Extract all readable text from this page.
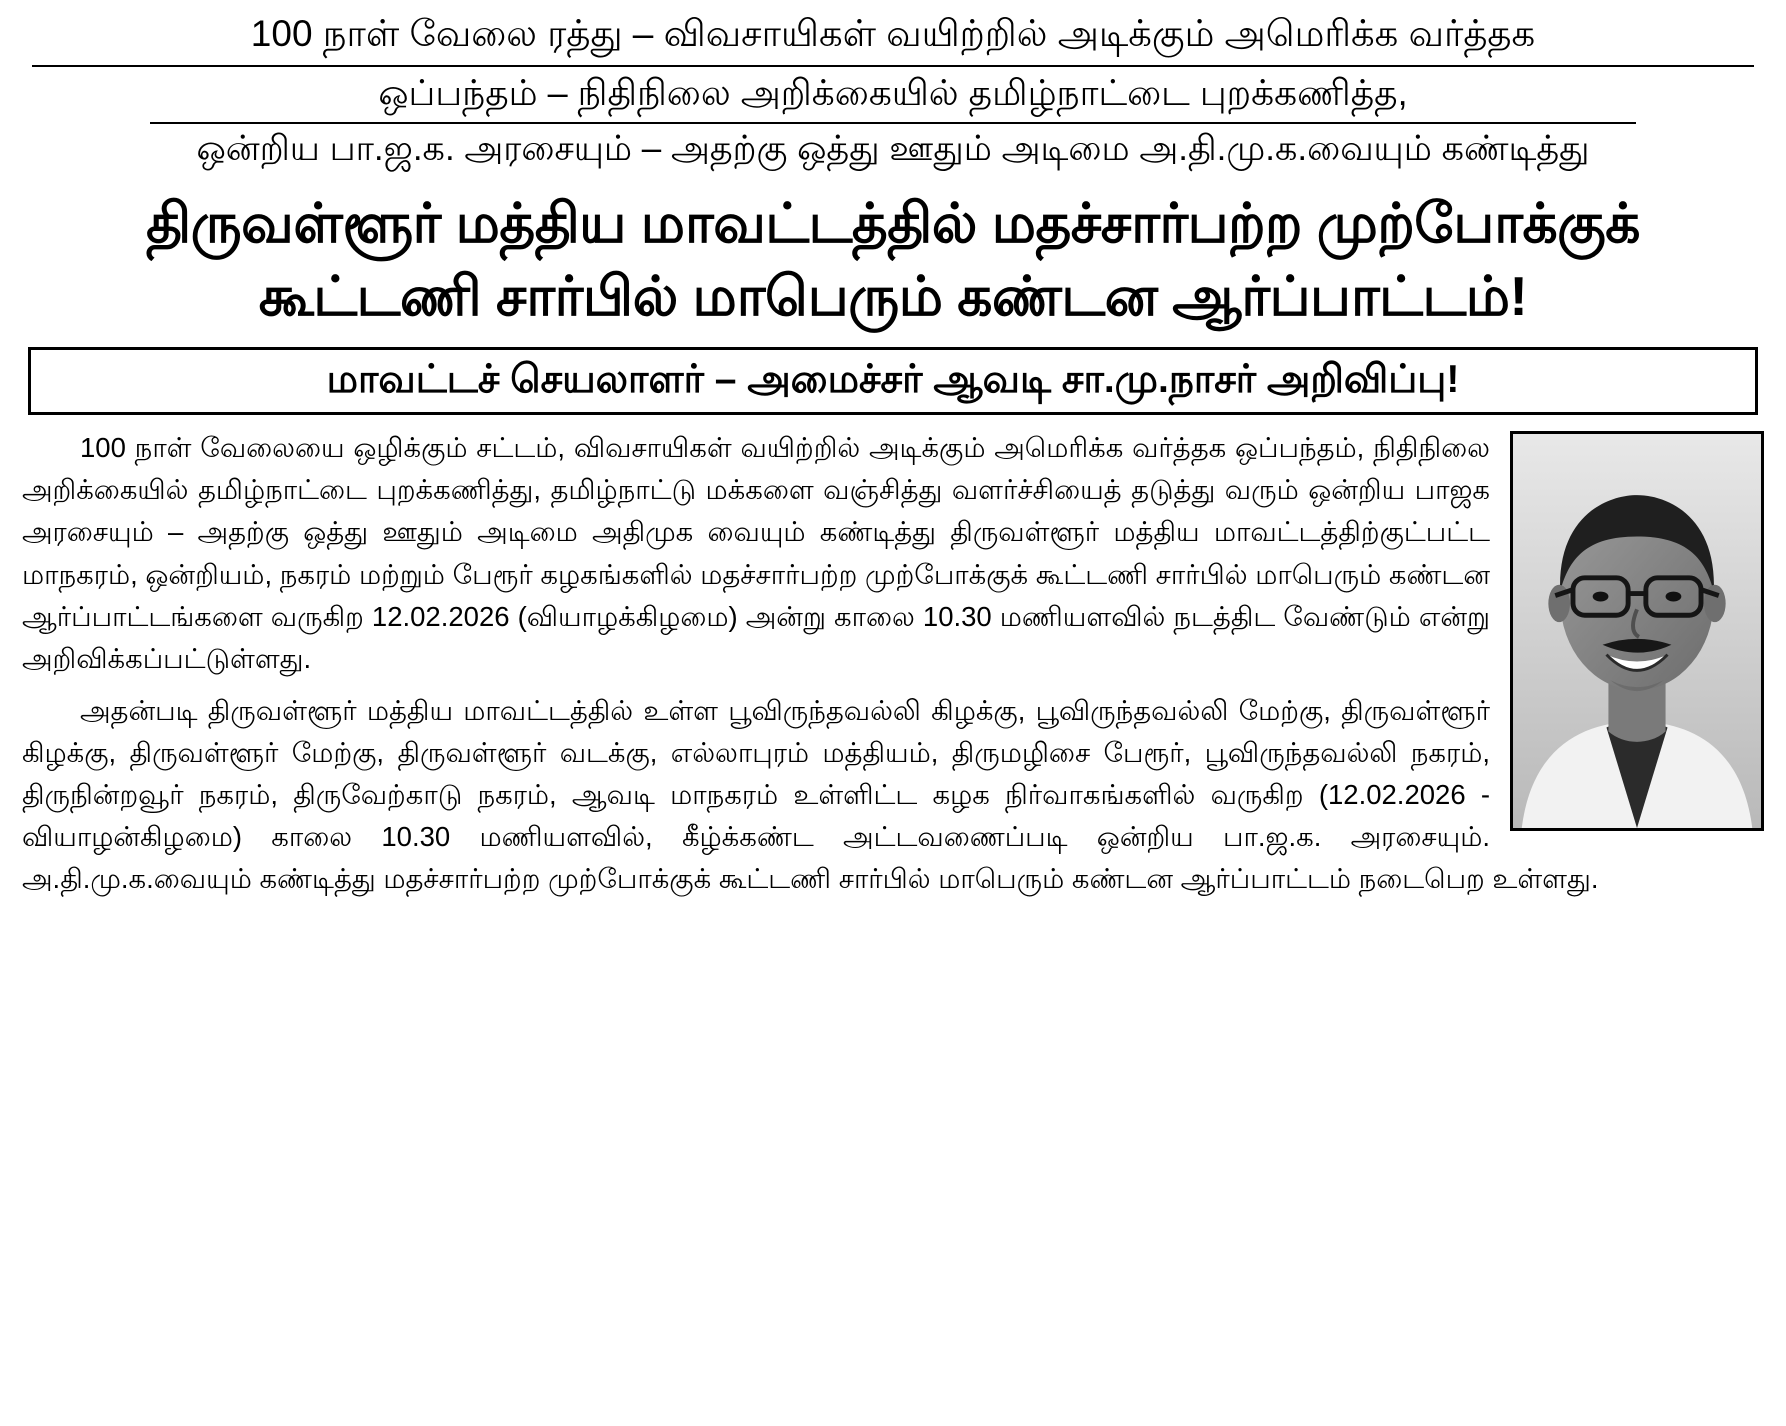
100 நாள் வேலை ரத்து – விவசாயிகள் வயிற்றில் அடிக்கும் அமெரிக்க வர்த்தக
ஒப்பந்தம் – நிதிநிலை அறிக்கையில் தமிழ்நாட்டை புறக்கணித்த,
ஒன்றிய பா.ஜ.க. அரசையும் – அதற்கு ஒத்து ஊதும் அடிமை அ.தி.மு.க.வையும் கண்டித்து
திருவள்ளூர் மத்திய மாவட்டத்தில் மதச்சார்பற்ற முற்போக்குக்
கூட்டணி சார்பில் மாபெரும் கண்டன ஆர்ப்பாட்டம்!
மாவட்டச் செயலாளர் – அமைச்சர் ஆவடி சா.மு.நாசர் அறிவிப்பு!

100 நாள் வேலையை ஒழிக்கும் சட்டம், விவசாயிகள் வயிற்றில் அடிக்கும் அமெரிக்க வர்த்தக ஒப்பந்தம், நிதிநிலை அறிக்கையில் தமிழ்நாட்டை புறக்கணித்து, தமிழ்நாட்டு மக்களை வஞ்சித்து வளர்ச்சியைத் தடுத்து வரும் ஒன்றிய பாஜக அரசையும் – அதற்கு ஒத்து ஊதும் அடிமை அதிமுக வையும் கண்டித்து திருவள்ளூர் மத்திய மாவட்டத்திற்குட்பட்ட மாநகரம், ஒன்றியம், நகரம் மற்றும் பேரூர் கழகங்களில் மதச்சார்பற்ற முற்போக்குக் கூட்டணி சார்பில் மாபெரும் கண்டன ஆர்ப்பாட்டங்களை வருகிற 12.02.2026 (வியாழக்கிழமை) அன்று காலை 10.30 மணியளவில் நடத்திட வேண்டும் என்று அறிவிக்கப்பட்டுள்ளது.

அதன்படி திருவள்ளூர் மத்திய மாவட்டத்தில் உள்ள பூவிருந்தவல்லி கிழக்கு, பூவிருந்தவல்லி மேற்கு, திருவள்ளூர் கிழக்கு, திருவள்ளூர் மேற்கு, திருவள்ளூர் வடக்கு, எல்லாபுரம் மத்தியம், திருமழிசை பேரூர், பூவிருந்தவல்லி நகரம், திருநின்றவூர் நகரம், திருவேற்காடு நகரம், ஆவடி மாநகரம் உள்ளிட்ட கழக நிர்வாகங்களில் வருகிற (12.02.2026 - வியாழன்கிழமை) காலை 10.30 மணியளவில், கீழ்க்கண்ட அட்டவணைப்படி ஒன்றிய பா.ஜ.க. அரசையும். அ.தி.மு.க.வையும் கண்டித்து மதச்சார்பற்ற முற்போக்குக் கூட்டணி சார்பில் மாபெரும் கண்டன ஆர்ப்பாட்டம் நடைபெற உள்ளது.
